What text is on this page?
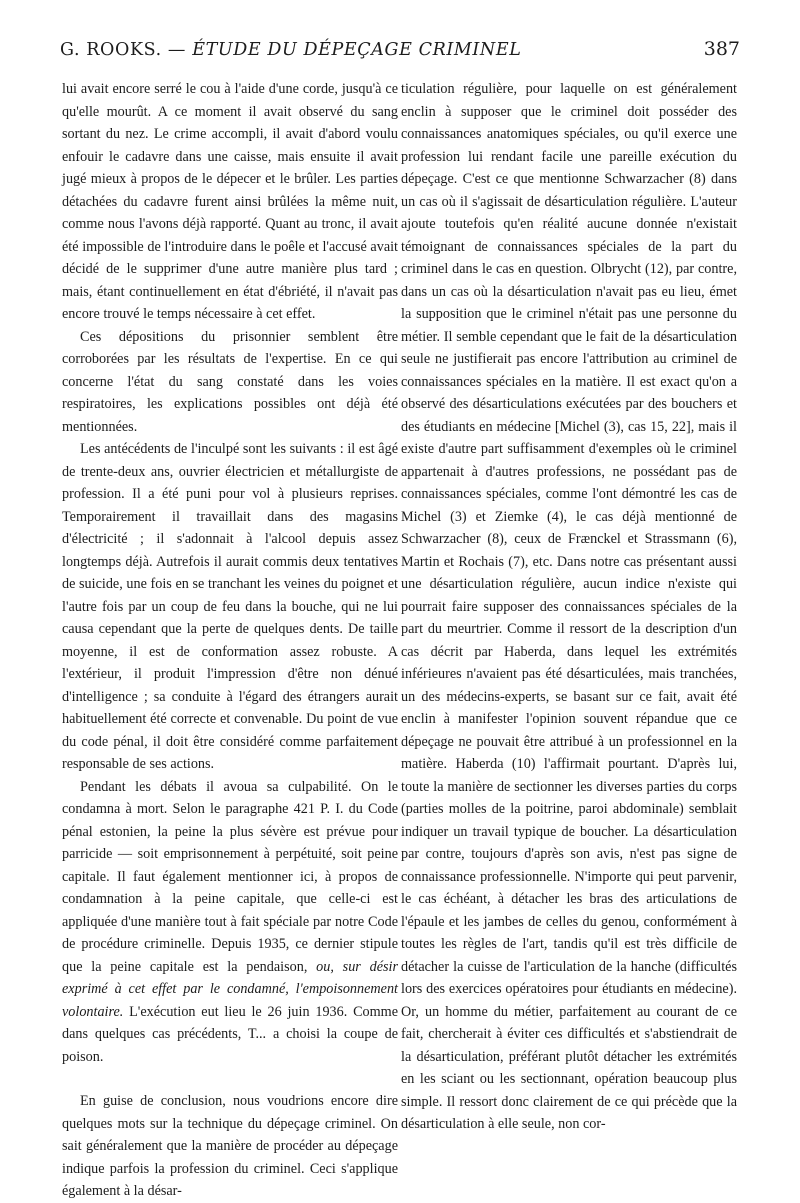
G. ROOKS. — ÉTUDE DU DÉPEÇAGE CRIMINEL	387

lui avait encore serré le cou à l'aide d'une corde, jusqu'à ce qu'elle mourût. A ce moment il avait observé du sang sortant du nez. Le crime accompli, il avait d'abord voulu enfouir le cadavre dans une caisse, mais ensuite il avait jugé mieux à propos de le dépecer et le brûler. Les parties détachées du cadavre furent ainsi brûlées la même nuit, comme nous l'avons déjà rapporté. Quant au tronc, il avait été impossible de l'introduire dans le poêle et l'accusé avait décidé de le supprimer d'une autre manière plus tard ; mais, étant continuellement en état d'ébriété, il n'avait pas encore trouvé le temps nécessaire à cet effet.

Ces dépositions du prisonnier semblent être corroborées par les résultats de l'expertise. En ce qui concerne l'état du sang constaté dans les voies respiratoires, les explications possibles ont déjà été mentionnées.

Les antécédents de l'inculpé sont les suivants : il est âgé de trente-deux ans, ouvrier électricien et métallurgiste de profession. Il a été puni pour vol à plusieurs reprises. Temporairement il travaillait dans des magasins d'électricité ; il s'adonnait à l'alcool depuis assez longtemps déjà. Autrefois il aurait commis deux tentatives de suicide, une fois en se tranchant les veines du poignet et l'autre fois par un coup de feu dans la bouche, qui ne lui causa cependant que la perte de quelques dents. De taille moyenne, il est de conformation assez robuste. A l'extérieur, il produit l'impression d'être non dénué d'intelligence ; sa conduite à l'égard des étrangers aurait habituellement été correcte et convenable. Du point de vue du code pénal, il doit être considéré comme parfaitement responsable de ses actions.

Pendant les débats il avoua sa culpabilité. On le condamna à mort. Selon le paragraphe 421 P. I. du Code pénal estonien, la peine la plus sévère est prévue pour parricide — soit emprisonnement à perpétuité, soit peine capitale. Il faut également mentionner ici, à propos de condamnation à la peine capitale, que celle-ci est appliquée d'une manière tout à fait spéciale par notre Code de procédure criminelle. Depuis 1935, ce dernier stipule que la peine capitale est la pendaison, ou, sur désir exprimé à cet effet par le condamné, l'empoisonnement volontaire. L'exécution eut lieu le 26 juin 1936. Comme dans quelques cas précédents, T... a choisi la coupe de poison.

En guise de conclusion, nous voudrions encore dire quelques mots sur la technique du dépeçage criminel. On sait généralement que la manière de procéder au dépeçage indique parfois la profession du criminel. Ceci s'applique également à la désar-

ticulation régulière, pour laquelle on est généralement enclin à supposer que le criminel doit posséder des connaissances anatomiques spéciales, ou qu'il exerce une profession lui rendant facile une pareille exécution du dépeçage. C'est ce que mentionne Schwarzacher (8) dans un cas où il s'agissait de désarticulation régulière. L'auteur ajoute toutefois qu'en réalité aucune donnée n'existait témoignant de connaissances spéciales de la part du criminel dans le cas en question. Olbrycht (12), par contre, dans un cas où la désarticulation n'avait pas eu lieu, émet la supposition que le criminel n'était pas une personne du métier. Il semble cependant que le fait de la désarticulation seule ne justifierait pas encore l'attribution au criminel de connaissances spéciales en la matière. Il est exact qu'on a observé des désarticulations exécutées par des bouchers et des étudiants en médecine [Michel (3), cas 15, 22], mais il existe d'autre part suffisamment d'exemples où le criminel appartenait à d'autres professions, ne possédant pas de connaissances spéciales, comme l'ont démontré les cas de Michel (3) et Ziemke (4), le cas déjà mentionné de Schwarzacher (8), ceux de Frænckel et Strassmann (6), Martin et Rochais (7), etc. Dans notre cas présentant aussi une désarticulation régulière, aucun indice n'existe qui pourrait faire supposer des connaissances spéciales de la part du meurtrier. Comme il ressort de la description d'un cas décrit par Haberda, dans lequel les extrémités inférieures n'avaient pas été désarticulées, mais tranchées, un des médecins-experts, se basant sur ce fait, avait été enclin à manifester l'opinion souvent répandue que ce dépeçage ne pouvait être attribué à un professionnel en la matière. Haberda (10) l'affirmait pourtant. D'après lui, toute la manière de sectionner les diverses parties du corps (parties molles de la poitrine, paroi abdominale) semblait indiquer un travail typique de boucher. La désarticulation par contre, toujours d'après son avis, n'est pas signe de connaissance professionnelle. N'importe qui peut parvenir, le cas échéant, à détacher les bras des articulations de l'épaule et les jambes de celles du genou, conformément à toutes les règles de l'art, tandis qu'il est très difficile de détacher la cuisse de l'articulation de la hanche (difficultés lors des exercices opératoires pour étudiants en médecine). Or, un homme du métier, parfaitement au courant de ce fait, chercherait à éviter ces difficultés et s'abstiendrait de la désarticulation, préférant plutôt détacher les extrémités en les sciant ou les sectionnant, opération beaucoup plus simple. Il ressort donc clairement de ce qui précède que la désarticulation à elle seule, non cor-
